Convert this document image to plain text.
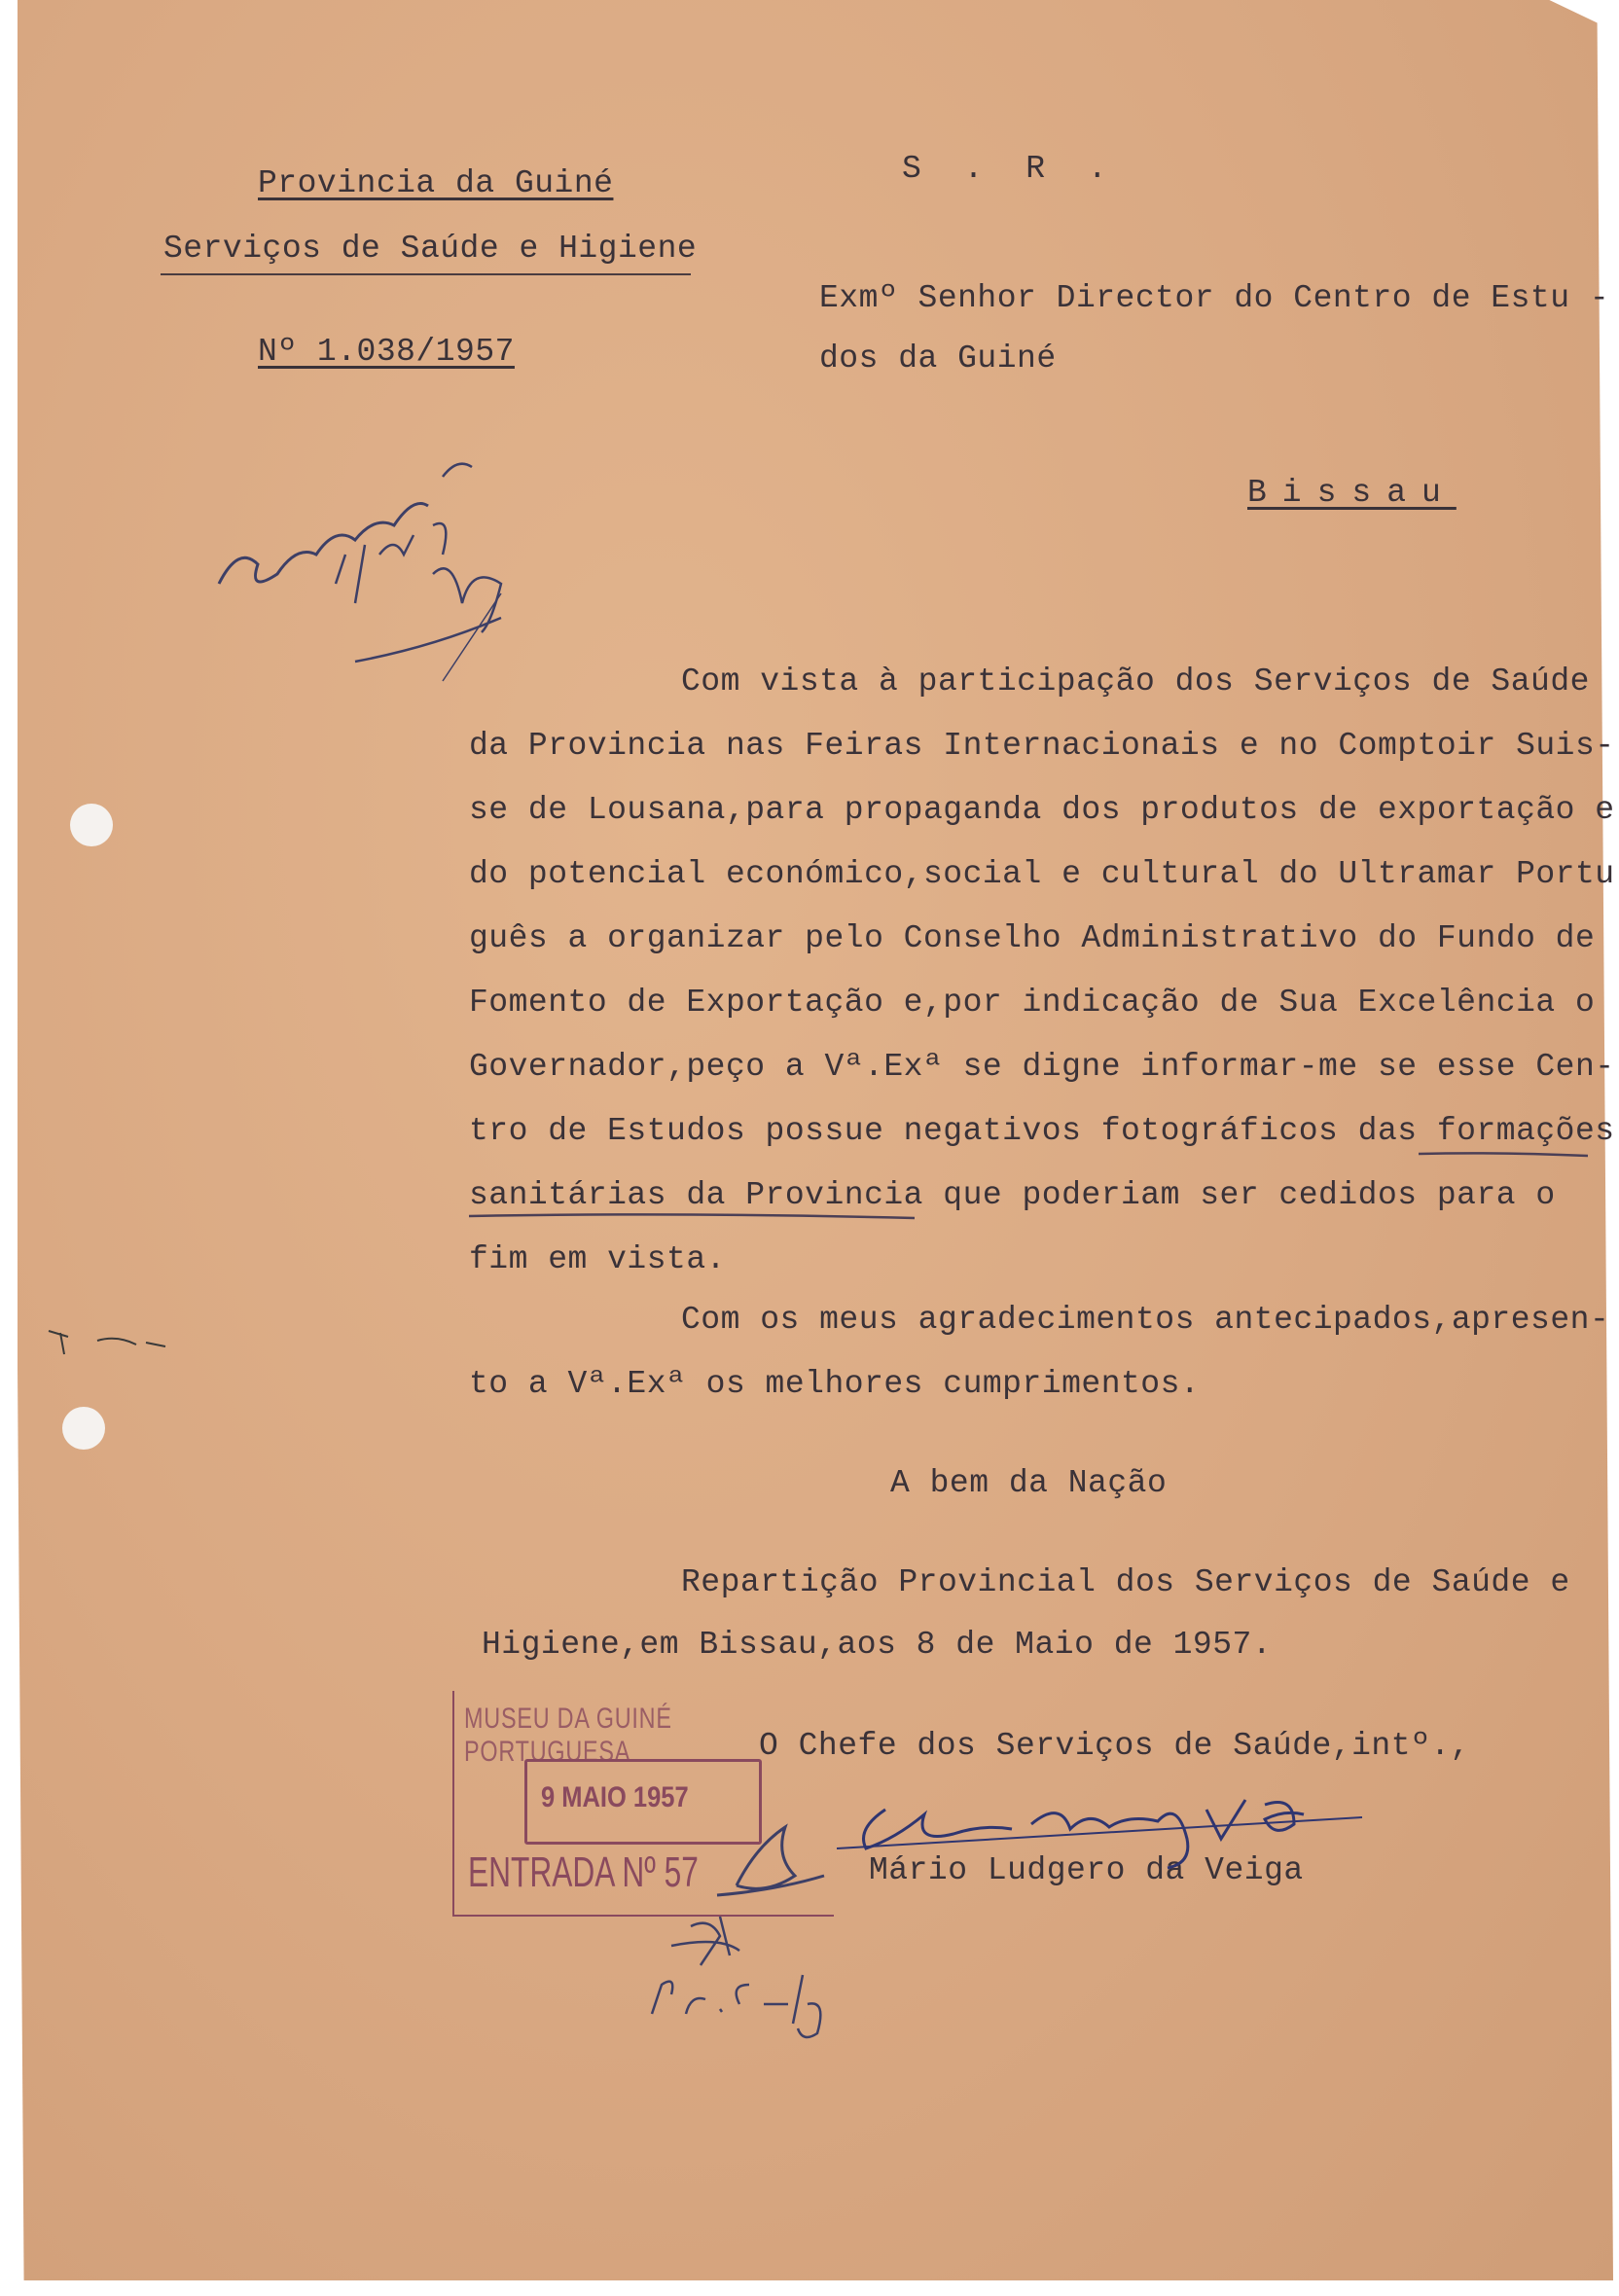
Provincia da Guiné
Serviços de Saúde e Higiene
Nº 1.038/1957
S . R .
Exmº Senhor Director do Centro de Estu -
dos da Guiné
Bissau
Com vista à participação dos Serviços de Saúde
da Provincia nas Feiras Internacionais e no Comptoir Suis-
se de Lousana,para propaganda dos produtos de exportação e
do potencial económico,social e cultural do Ultramar Portu
guês a organizar pelo Conselho Administrativo do Fundo de
Fomento de Exportação e,por indicação de Sua Excelência o
Governador,peço a Vª.Exª se digne informar-me se esse Cen-
tro de Estudos possue negativos fotográficos das formações
sanitárias da Provincia que poderiam ser cedidos para o
fim em vista.
Com os meus agradecimentos antecipados,apresen-
to a Vª.Exª os melhores cumprimentos.
A bem da Nação
Repartição Provincial dos Serviços de Saúde e
Higiene,em Bissau,aos 8 de Maio de 1957.
O Chefe dos Serviços de Saúde,intº.,
Mário Ludgero da Veiga
MUSEU DA GUINÉ PORTUGUESA
9 MAIO 1957
ENTRADA Nº 57
